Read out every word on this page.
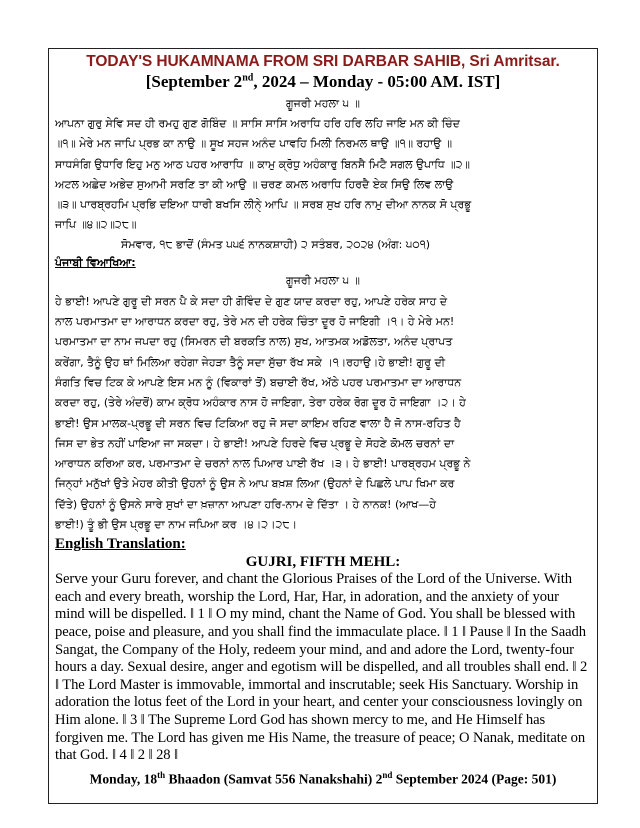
TODAY'S HUKAMNAMA FROM SRI DARBAR SAHIB, Sri Amritsar.
[September 2nd, 2024 – Monday - 05:00 AM. IST]
ਗੂਜਰੀ ਮਹਲਾ ੫ ॥
ਆਪਨਾ ਗੁਰੁ ਸੇਵਿ ਸਦ ਹੀ ਰਮਹੁ ਗੁਣ ਗੋਬਿੰਦ ॥ ਸਾਸਿ ਸਾਸਿ ਅਰਾਧਿ ਹਰਿ ਹਰਿ ਲਹਿ ਜਾਇ ਮਨ ਕੀ ਚਿੰਦ
॥੧॥ ਮੇਰੇ ਮਨ ਜਾਪਿ ਪ੍ਰਭ ਕਾ ਨਾਉ ॥ ਸੂਖ ਸਹਜ ਅਨੰਦ ਪਾਵਹਿ ਮਿਲੀ ਨਿਰਮਲ ਥਾਉ ॥੧॥ ਰਹਾਉ ॥
ਸਾਧਸੰਗਿ ਉਧਾਰਿ ਇਹੁ ਮਨੁ ਆਠ ਪਹਰ ਆਰਾਧਿ ॥ ਕਾਮੁ ਕ੍ਰੋਧੁ ਅਹੰਕਾਰੁ ਬਿਨਸੈ ਮਿਟੈ ਸਗਲ ਉਪਾਧਿ ॥੨॥
ਅਟਲ ਅਛੇਦ ਅਭੇਦ ਸੁਆਮੀ ਸਰਣਿ ਤਾ ਕੀ ਆਉ ॥ ਚਰਣ ਕਮਲ ਅਰਾਧਿ ਹਿਰਦੈ ਏਕ ਸਿਉ ਲਿਵ ਲਾਉ
॥੩॥ ਪਾਰਬ੍ਰਹਮਿ ਪ੍ਰਭਿ ਦਇਆ ਧਾਰੀ ਬਖਸਿ ਲੀਨੑੇ ਆਪਿ ॥ ਸਰਬ ਸੁਖ ਹਰਿ ਨਾਮੁ ਦੀਆ ਨਾਨਕ ਸੋ ਪ੍ਰਭੂ
ਜਾਪਿ ॥੪॥੨॥੨੮॥
ਸੋਮਵਾਰ, ੧੮ ਭਾਦੋਂ (ਸੰਮਤ ੫੫੬ ਨਾਨਕਸ਼ਾਹੀ) ੨ ਸਤੰਬਰ, ੨੦੨੪ (ਅੰਗ: ੫੦੧)
ਪੰਜਾਬੀ ਵਿਆਖਿਆ:
ਗੂਜਰੀ ਮਹਲਾ ੫ ॥
ਹੇ ਭਾਈ! ਆਪਣੇ ਗੁਰੂ ਦੀ ਸਰਨ ਪੈ ਕੇ ਸਦਾ ਹੀ ਗੋਵਿੰਦ ਦੇ ਗੁਣ ਯਾਦ ਕਰਦਾ ਰਹੁ, ਆਪਣੇ ਹਰੇਕ ਸਾਹ ਦੇ
ਨਾਲ ਪਰਮਾਤਮਾ ਦਾ ਆਰਾਧਨ ਕਰਦਾ ਰਹੁ, ਤੇਰੇ ਮਨ ਦੀ ਹਰੇਕ ਚਿੰਤਾ ਦੂਰ ਹੋ ਜਾਇਗੀ ।੧। ਹੇ ਮੇਰੇ ਮਨ!
ਪਰਮਾਤਮਾ ਦਾ ਨਾਮ ਜਪਦਾ ਰਹੁ (ਸਿਮਰਨ ਦੀ ਬਰਕਤਿ ਨਾਲ) ਸੁਖ, ਆਤਮਕ ਅਡੋਲਤਾ, ਅਨੰਦ ਪ੍ਰਾਪਤ
ਕਰੇਂਗਾ, ਤੈਨੂੰ ਉਹ ਥਾਂ ਮਿਲਿਆ ਰਹੇਗਾ ਜੇਹੜਾ ਤੈਨੂੰ ਸਦਾ ਸੁੱਚਾ ਰੱਖ ਸਕੇ ।੧।ਰਹਾਉ।ਹੇ ਭਾਈ! ਗੁਰੂ ਦੀ
ਸੰਗਤਿ ਵਿਚ ਟਿਕ ਕੇ ਆਪਣੇ ਇਸ ਮਨ ਨੂੰ (ਵਿਕਾਰਾਂ ਤੋਂ) ਬਚਾਈ ਰੱਖ, ਅੱਠੇ ਪਹਰ ਪਰਮਾਤਮਾ ਦਾ ਆਰਾਧਨ
ਕਰਦਾ ਰਹੁ, (ਤੇਰੇ ਅੰਦਰੋਂ) ਕਾਮ ਕ੍ਰੋਧ ਅਹੰਕਾਰ ਨਾਸ ਹੋ ਜਾਇਗਾ, ਤੇਰਾ ਹਰੇਕ ਰੋਗ ਦੂਰ ਹੋ ਜਾਇਗਾ ।੨। ਹੇ
ਭਾਈ! ਉਸ ਮਾਲਕ-ਪ੍ਰਭੂ ਦੀ ਸਰਨ ਵਿਚ ਟਿਕਿਆ ਰਹੁ ਜੋ ਸਦਾ ਕਾਇਮ ਰਹਿਣ ਵਾਲਾ ਹੈ ਜੋ ਨਾਸ-ਰਹਿਤ ਹੈ
ਜਿਸ ਦਾ ਭੇਤ ਨਹੀਂ ਪਾਇਆ ਜਾ ਸਕਦਾ। ਹੇ ਭਾਈ! ਆਪਣੇ ਹਿਰਦੇ ਵਿਚ ਪ੍ਰਭੂ ਦੇ ਸੋਹਣੇ ਕੋਮਲ ਚਰਨਾਂ ਦਾ
ਆਰਾਧਨ ਕਰਿਆ ਕਰ, ਪਰਮਾਤਮਾ ਦੇ ਚਰਨਾਂ ਨਾਲ ਪਿਆਰ ਪਾਈ ਰੱਖ ।੩। ਹੇ ਭਾਈ! ਪਾਰਬ੍ਰਹਮ ਪ੍ਰਭੂ ਨੇ
ਜਿਨ੍ਹਾਂ ਮਨੁੱਖਾਂ ਉਤੇ ਮੇਹਰ ਕੀਤੀ ਉਹਨਾਂ ਨੂੰ ਉਸ ਨੇ ਆਪ ਬਖ਼ਸ਼ ਲਿਆ (ਉਹਨਾਂ ਦੇ ਪਿਛਲੇ ਪਾਪ ਖਿਮਾ ਕਰ
ਦਿੱਤੇ) ਉਹਨਾਂ ਨੂੰ ਉਸਨੇ ਸਾਰੇ ਸੁਖਾਂ ਦਾ ਖ਼ਜ਼ਾਨਾ ਆਪਣਾ ਹਰਿ-ਨਾਮ ਦੇ ਦਿੱਤਾ । ਹੇ ਨਾਨਕ! (ਆਖ—ਹੇ
ਭਾਈ!) ਤੂੰ ਭੀ ਉਸ ਪ੍ਰਭੂ ਦਾ ਨਾਮ ਜਪਿਆ ਕਰ ।੪।੨।੨੮।
English Translation:
GUJRI, FIFTH MEHL:
Serve your Guru forever, and chant the Glorious Praises of the Lord of the Universe. With each and every breath, worship the Lord, Har, Har, in adoration, and the anxiety of your mind will be dispelled. ‖ 1 ‖ O my mind, chant the Name of God. You shall be blessed with peace, poise and pleasure, and you shall find the immaculate place. ‖ 1 ‖ Pause ‖ In the Saadh Sangat, the Company of the Holy, redeem your mind, and and adore the Lord, twenty-four hours a day. Sexual desire, anger and egotism will be dispelled, and all troubles shall end. ‖ 2 ‖ The Lord Master is immovable, immortal and inscrutable; seek His Sanctuary. Worship in adoration the lotus feet of the Lord in your heart, and center your consciousness lovingly on Him alone. ‖ 3 ‖ The Supreme Lord God has shown mercy to me, and He Himself has forgiven me. The Lord has given me His Name, the treasure of peace; O Nanak, meditate on that God. ‖ 4 ‖ 2 ‖ 28 ‖
Monday, 18th Bhaadon (Samvat 556 Nanakshahi) 2nd September 2024 (Page: 501)
